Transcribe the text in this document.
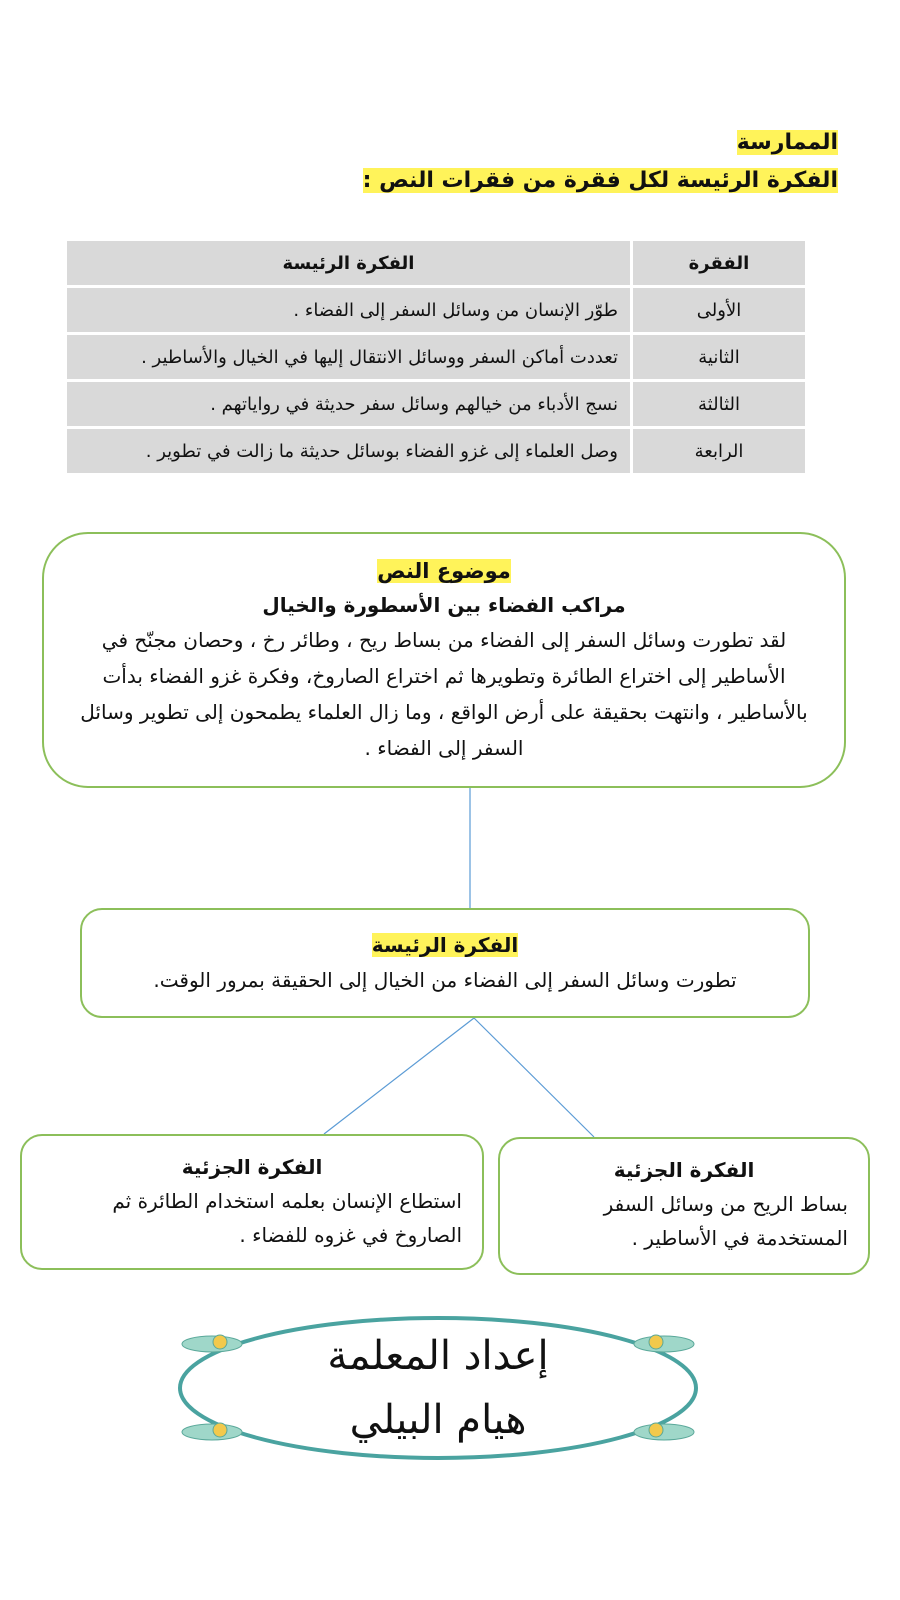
الممارسة
الفكرة الرئيسة لكل فقرة من فقرات النص :
الفقرة	الفكرة الرئيسة
الأولى	طوّر الإنسان من وسائل السفر إلى الفضاء .
الثانية	تعددت أماكن السفر ووسائل الانتقال إليها في الخيال والأساطير .
الثالثة	نسج الأدباء من خيالهم وسائل سفر حديثة في رواياتهم .
الرابعة	وصل العلماء إلى غزو الفضاء بوسائل حديثة ما زالت في تطوير .
موضوع النص
مراكب الفضاء بين الأسطورة والخيال
لقد تطورت وسائل السفر إلى الفضاء من بساط ريح ، وطائر رخ ، وحصان مجنّح في الأساطير إلى اختراع الطائرة وتطويرها ثم اختراع الصاروخ، وفكرة غزو الفضاء بدأت بالأساطير ، وانتهت بحقيقة على أرض الواقع ، وما زال العلماء يطمحون إلى تطوير وسائل السفر إلى الفضاء .
الفكرة الرئيسة
تطورت وسائل السفر إلى الفضاء من الخيال إلى الحقيقة بمرور الوقت.
الفكرة الجزئية
بساط الريح من وسائل السفر المستخدمة في الأساطير .
الفكرة الجزئية
استطاع الإنسان بعلمه استخدام الطائرة ثم الصاروخ في غزوه للفضاء .
إعداد المعلمة
هيام البيلي
